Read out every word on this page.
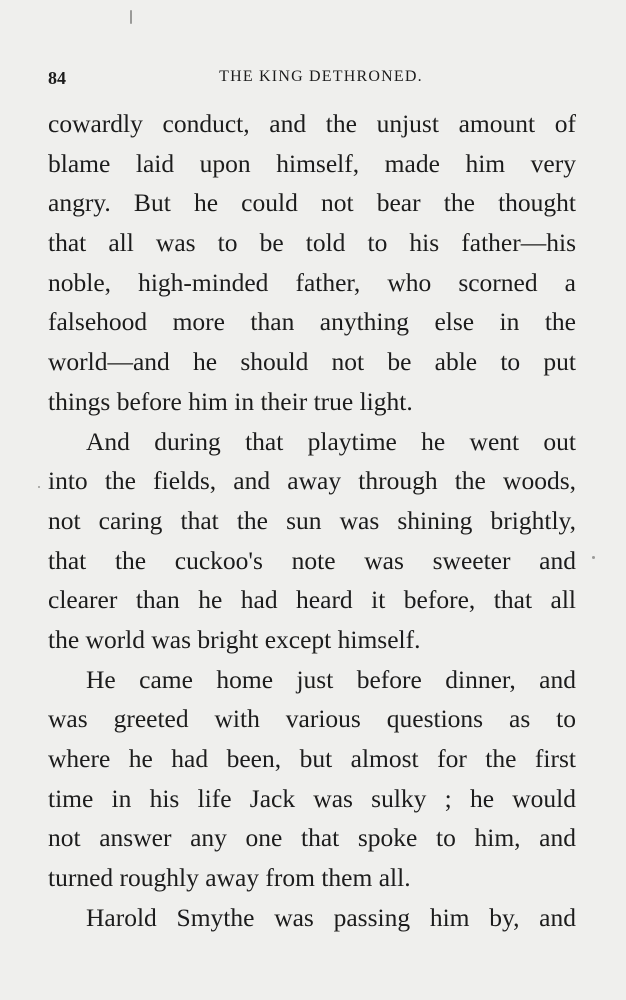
84	THE KING DETHRONED.
cowardly conduct, and the unjust amount of
blame laid upon himself, made him very
angry. But he could not bear the thought
that all was to be told to his father—his
noble, high-minded father, who scorned a
falsehood more than anything else in the
world—and he should not be able to put
things before him in their true light.
And during that playtime he went out
into the fields, and away through the woods,
not caring that the sun was shining brightly,
that the cuckoo's note was sweeter and
clearer than he had heard it before, that all
the world was bright except himself.
He came home just before dinner, and
was greeted with various questions as to
where he had been, but almost for the first
time in his life Jack was sulky ; he would
not answer any one that spoke to him, and
turned roughly away from them all.
Harold Smythe was passing him by, and
